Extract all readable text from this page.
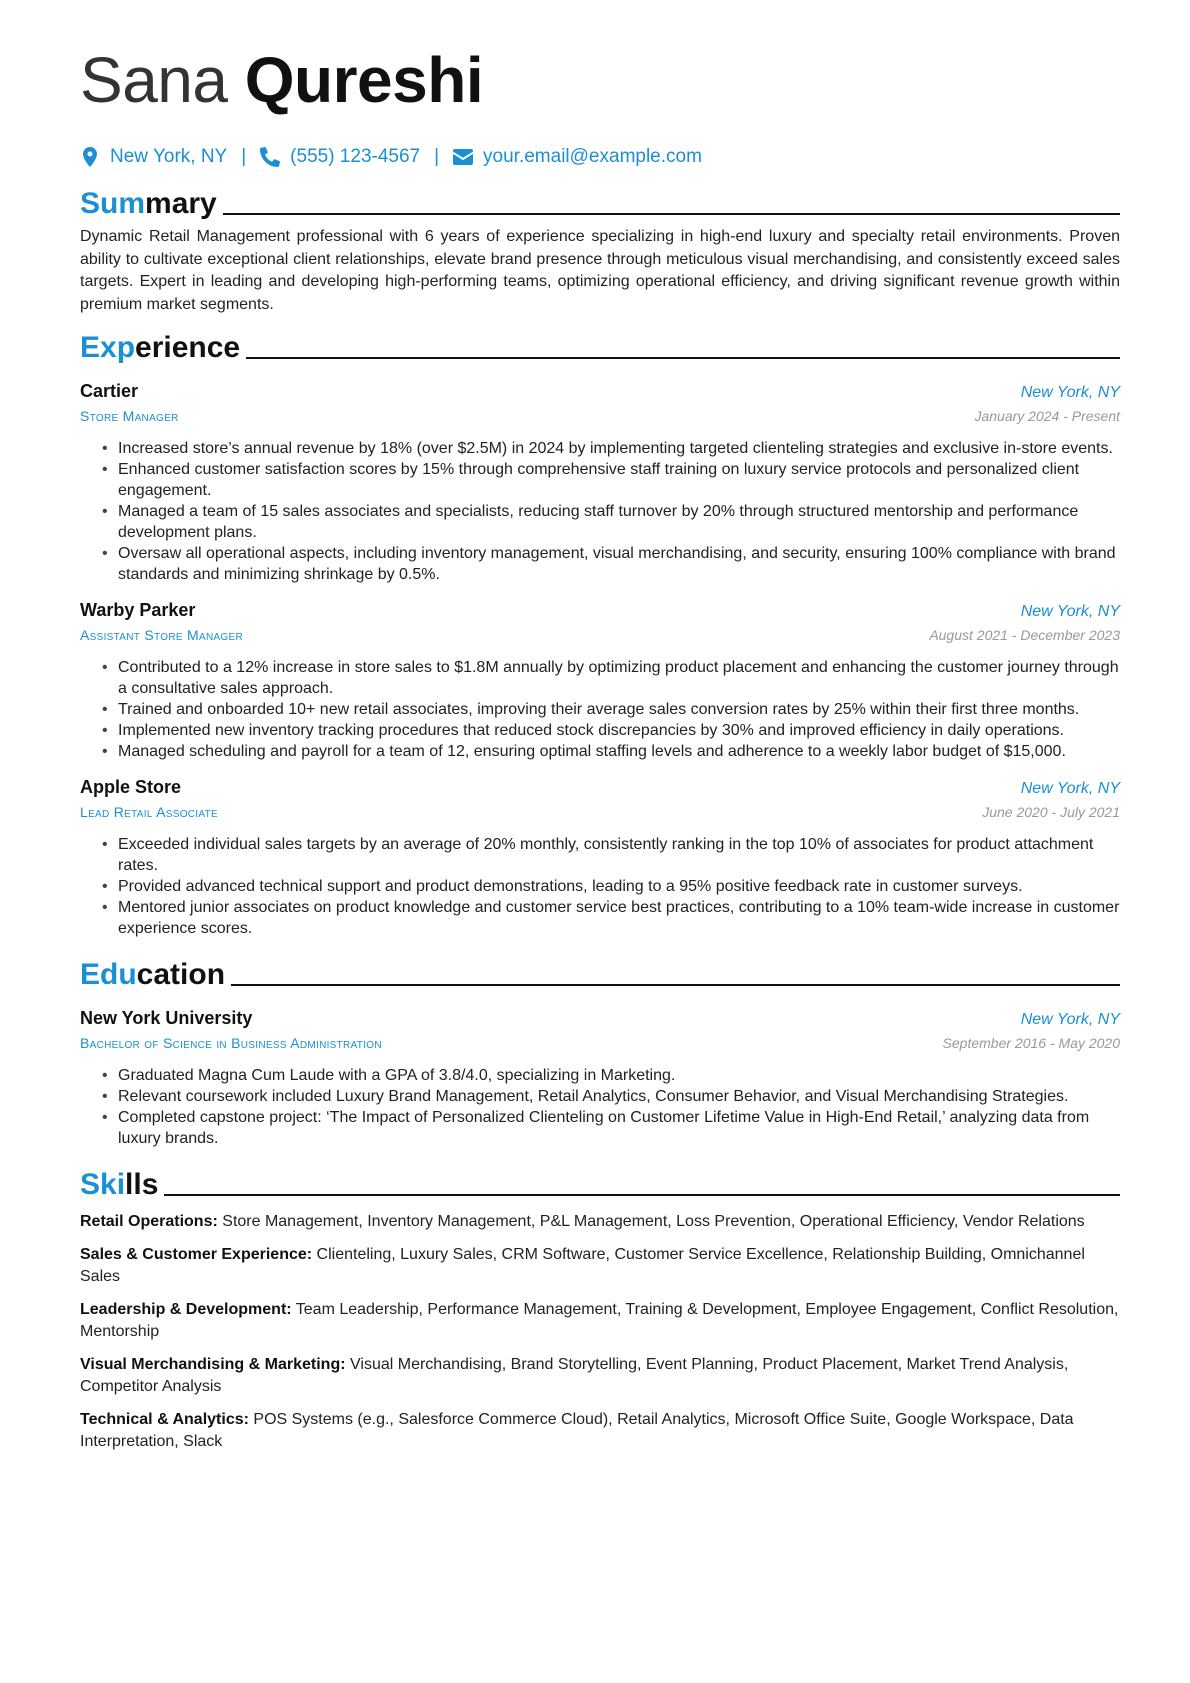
Sana Qureshi
New York, NY | (555) 123-4567 | your.email@example.com
Summary

Dynamic Retail Management professional with 6 years of experience specializing in high-end luxury and specialty retail environments. Proven ability to cultivate exceptional client relationships, elevate brand presence through meticulous visual merchandising, and consistently exceed sales targets. Expert in leading and developing high-performing teams, optimizing operational efficiency, and driving significant revenue growth within premium market segments.

Experience
Cartier	New York, NY
Store Manager	January 2024 - Present
• Increased store’s annual revenue by 18% (over $2.5M) in 2024 by implementing targeted clienteling strategies and exclusive in-store events.
• Enhanced customer satisfaction scores by 15% through comprehensive staff training on luxury service protocols and personalized client engagement.
• Managed a team of 15 sales associates and specialists, reducing staff turnover by 20% through structured mentorship and performance development plans.
• Oversaw all operational aspects, including inventory management, visual merchandising, and security, ensuring 100% compliance with brand standards and minimizing shrinkage by 0.5%.
Warby Parker	New York, NY
Assistant Store Manager	August 2021 - December 2023
• Contributed to a 12% increase in store sales to $1.8M annually by optimizing product placement and enhancing the customer journey through a consultative sales approach.
• Trained and onboarded 10+ new retail associates, improving their average sales conversion rates by 25% within their first three months.
• Implemented new inventory tracking procedures that reduced stock discrepancies by 30% and improved efficiency in daily operations.
• Managed scheduling and payroll for a team of 12, ensuring optimal staffing levels and adherence to a weekly labor budget of $15,000.
Apple Store	New York, NY
Lead Retail Associate	June 2020 - July 2021
• Exceeded individual sales targets by an average of 20% monthly, consistently ranking in the top 10% of associates for product attachment rates.
• Provided advanced technical support and product demonstrations, leading to a 95% positive feedback rate in customer surveys.
• Mentored junior associates on product knowledge and customer service best practices, contributing to a 10% team-wide increase in customer experience scores.
Education
New York University	New York, NY
Bachelor of Science in Business Administration	September 2016 - May 2020
• Graduated Magna Cum Laude with a GPA of 3.8/4.0, specializing in Marketing.
• Relevant coursework included Luxury Brand Management, Retail Analytics, Consumer Behavior, and Visual Merchandising Strategies.
• Completed capstone project: ‘The Impact of Personalized Clienteling on Customer Lifetime Value in High-End Retail,’ analyzing data from luxury brands.
Skills

Retail Operations: Store Management, Inventory Management, P&L Management, Loss Prevention, Operational Efficiency, Vendor Relations

Sales & Customer Experience: Clienteling, Luxury Sales, CRM Software, Customer Service Excellence, Relationship Building, Omnichannel Sales

Leadership & Development: Team Leadership, Performance Management, Training & Development, Employee Engagement, Conflict Resolution, Mentorship

Visual Merchandising & Marketing: Visual Merchandising, Brand Storytelling, Event Planning, Product Placement, Market Trend Analysis, Competitor Analysis

Technical & Analytics: POS Systems (e.g., Salesforce Commerce Cloud), Retail Analytics, Microsoft Office Suite, Google Workspace, Data Interpretation, Slack
